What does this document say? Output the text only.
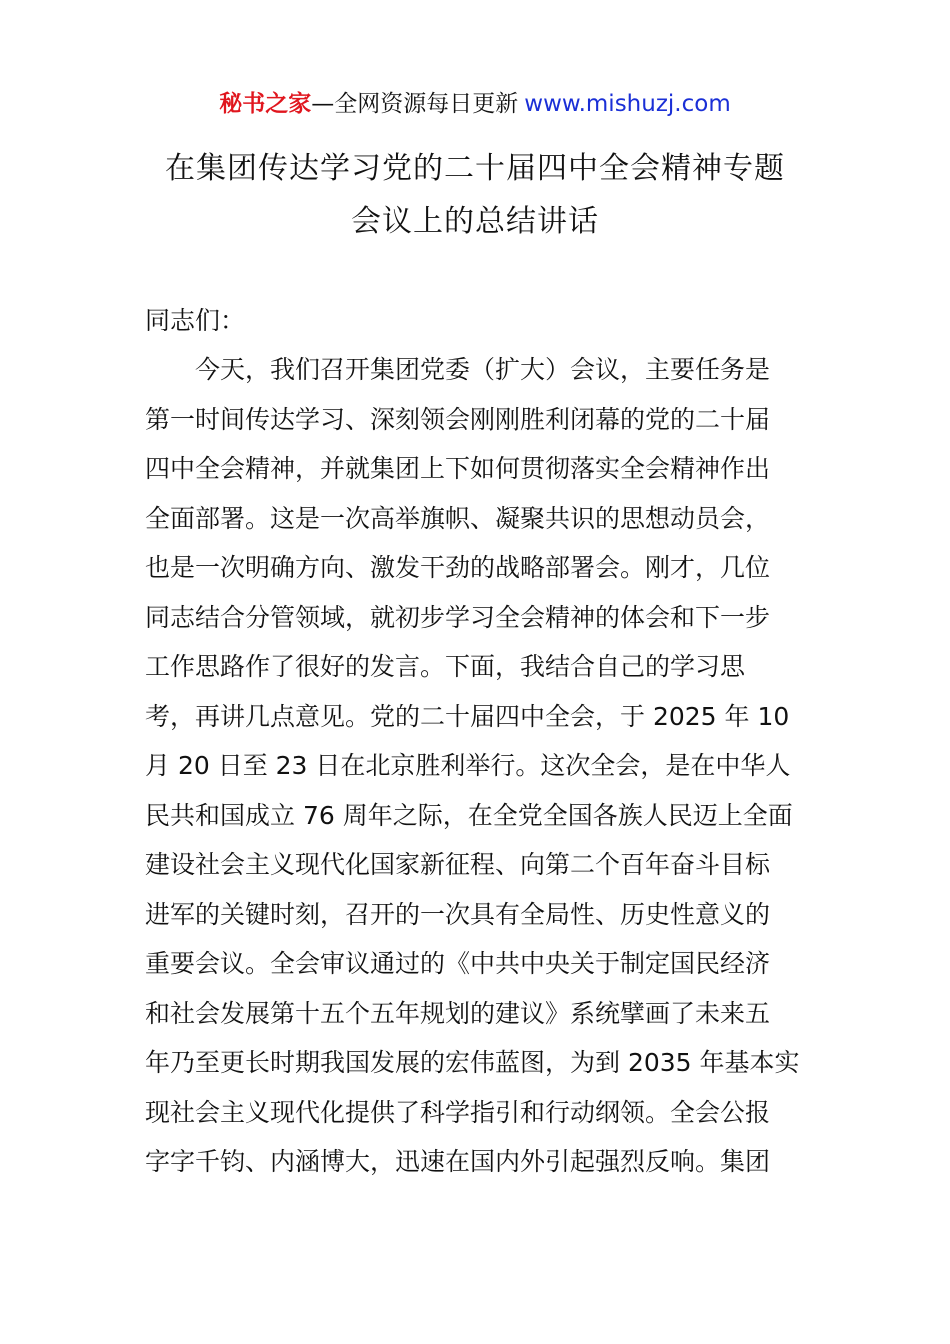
秘书之家—全网资源每日更新 www.mishuzj.com
在集团传达学习党的二十届四中全会精神专题
会议上的总结讲话

同志们：

　　今天，我们召开集团党委（扩大）会议，主要任务是
第一时间传达学习、深刻领会刚刚胜利闭幕的党的二十届
四中全会精神，并就集团上下如何贯彻落实全会精神作出
全面部署。这是一次高举旗帜、凝聚共识的思想动员会，
也是一次明确方向、激发干劲的战略部署会。刚才，几位
同志结合分管领域，就初步学习全会精神的体会和下一步
工作思路作了很好的发言。下面，我结合自己的学习思
考，再讲几点意见。党的二十届四中全会，于 2025 年 10
月 20 日至 23 日在北京胜利举行。这次全会，是在中华人
民共和国成立 76 周年之际，在全党全国各族人民迈上全面
建设社会主义现代化国家新征程、向第二个百年奋斗目标
进军的关键时刻，召开的一次具有全局性、历史性意义的
重要会议。全会审议通过的《中共中央关于制定国民经济
和社会发展第十五个五年规划的建议》系统擘画了未来五
年乃至更长时期我国发展的宏伟蓝图，为到 2035 年基本实
现社会主义现代化提供了科学指引和行动纲领。全会公报
字字千钧、内涵博大，迅速在国内外引起强烈反响。集团
